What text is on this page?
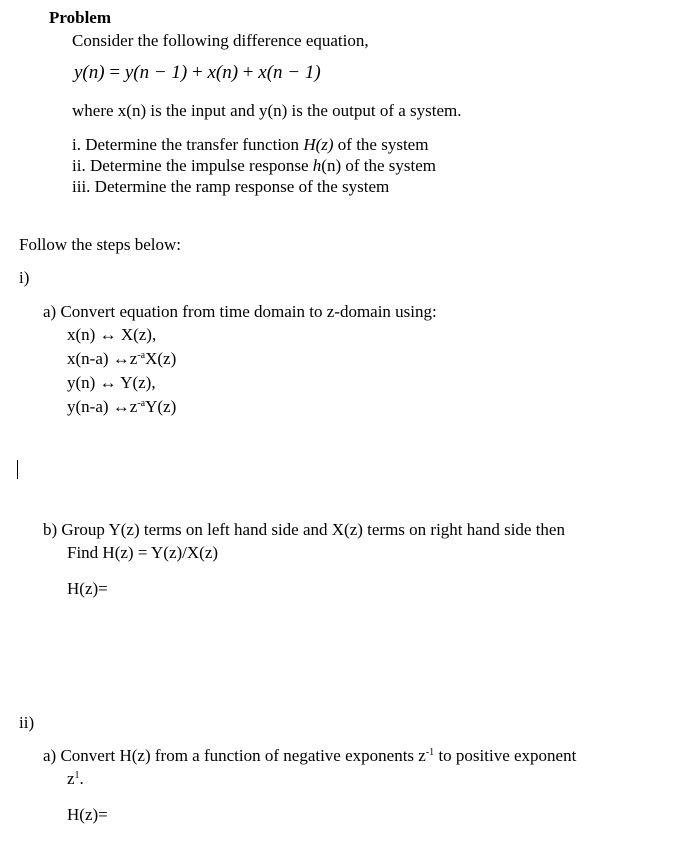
Problem
Consider the following difference equation,
y(n) = y(n − 1) + x(n) + x(n − 1)
where x(n) is the input and y(n) is the output of a system.
i. Determine the transfer function H(z) of the system
ii. Determine the impulse response h(n) of the system
iii. Determine the ramp response of the system
Follow the steps below:
i)
a) Convert equation from time domain to z-domain using:
x(n) ↔ X(z),
x(n-a) $\leftrightarrow z^{-a}X(z)$
y(n) ↔ Y(z),
y(n-a) $\leftrightarrow z^{-a}Y(z)$
b) Group Y(z) terms on left hand side and X(z) terms on right hand side then
Find H(z) = Y(z)/X(z)
H(z)=
ii)
a) Convert H(z) from a function of negative exponents $z^{-1}$ to positive exponent
$z^1$.
H(z)=
